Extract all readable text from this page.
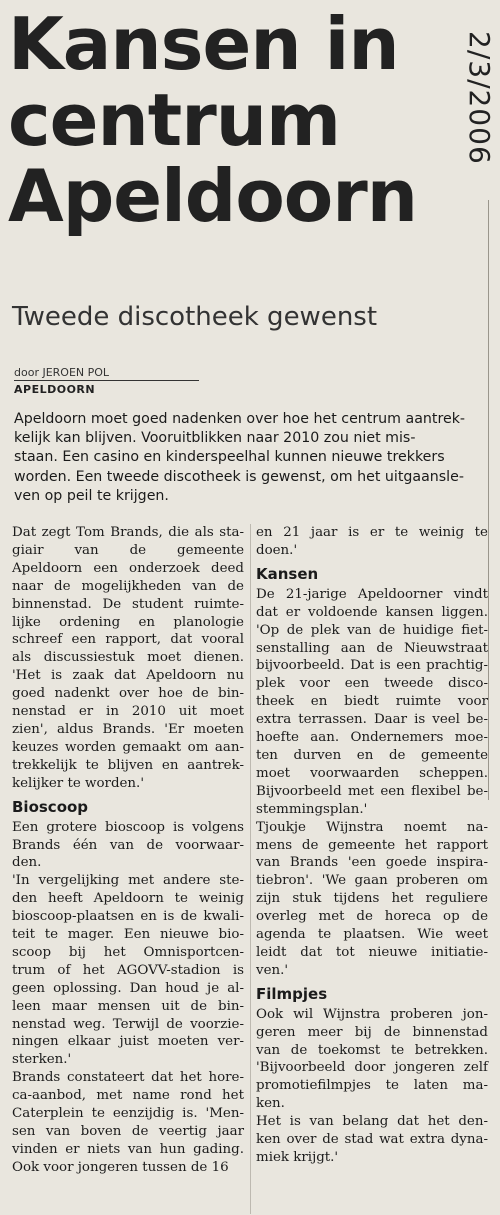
Kansen in
centrum
Apeldoorn
2/3/2006
Tweede discotheek gewenst
door JEROEN POL
APELDOORN
Apeldoorn moet goed nadenken over hoe het centrum aantrek-
kelijk kan blijven. Vooruitblikken naar 2010 zou niet mis-
staan. Een casino en kinderspeelhal kunnen nieuwe trekkers
worden. Een tweede discotheek is gewenst, om het uitgaansle-
ven op peil te krijgen.

Dat zegt Tom Brands, die als sta-
giair van de gemeente
Apeldoorn een onderzoek deed
naar de mogelijkheden van de
binnenstad. De student ruimte-
lijke ordening en planologie
schreef een rapport, dat vooral
als discussiestuk moet dienen.
'Het is zaak dat Apeldoorn nu
goed nadenkt over hoe de bin-
nenstad er in 2010 uit moet
zien', aldus Brands. 'Er moeten
keuzes worden gemaakt om aan-
trekkelijk te blijven en aantrek-
kelijker te worden.'

Bioscoop

Een grotere bioscoop is volgens
Brands één van de voorwaar-
den.

'In vergelijking met andere ste-
den heeft Apeldoorn te weinig
bioscoop-plaatsen en is de kwali-
teit te mager. Een nieuwe bio-
scoop bij het Omnisportcen-
trum of het AGOVV-stadion is
geen oplossing. Dan houd je al-
leen maar mensen uit de bin-
nenstad weg. Terwijl de voorzie-
ningen elkaar juist moeten ver-
sterken.'

Brands constateert dat het hore-
ca-aanbod, met name rond het
Caterplein te eenzijdig is. 'Men-
sen van boven de veertig jaar
vinden er niets van hun gading.
Ook voor jongeren tussen de 16

en 21 jaar is er te weinig te
doen.'

Kansen

De 21-jarige Apeldoorner vindt
dat er voldoende kansen liggen.
'Op de plek van de huidige fiet-
senstalling aan de Nieuwstraat
bijvoorbeeld. Dat is een prachtig-
plek voor een tweede disco-
theek en biedt ruimte voor
extra terrassen. Daar is veel be-
hoefte aan. Ondernemers moe-
ten durven en de gemeente
moet voorwaarden scheppen.
Bijvoorbeeld met een flexibel be-
stemmingsplan.'

Tjoukje Wijnstra noemt na-
mens de gemeente het rapport
van Brands 'een goede inspira-
tiebron'. 'We gaan proberen om
zijn stuk tijdens het reguliere
overleg met de horeca op de
agenda te plaatsen. Wie weet
leidt dat tot nieuwe initiatie-
ven.'

Filmpjes

Ook wil Wijnstra proberen jon-
geren meer bij de binnenstad
van de toekomst te betrekken.
'Bijvoorbeeld door jongeren zelf
promotiefilmpjes te laten ma-
ken.

Het is van belang dat het den-
ken over de stad wat extra dyna-
miek krijgt.'
